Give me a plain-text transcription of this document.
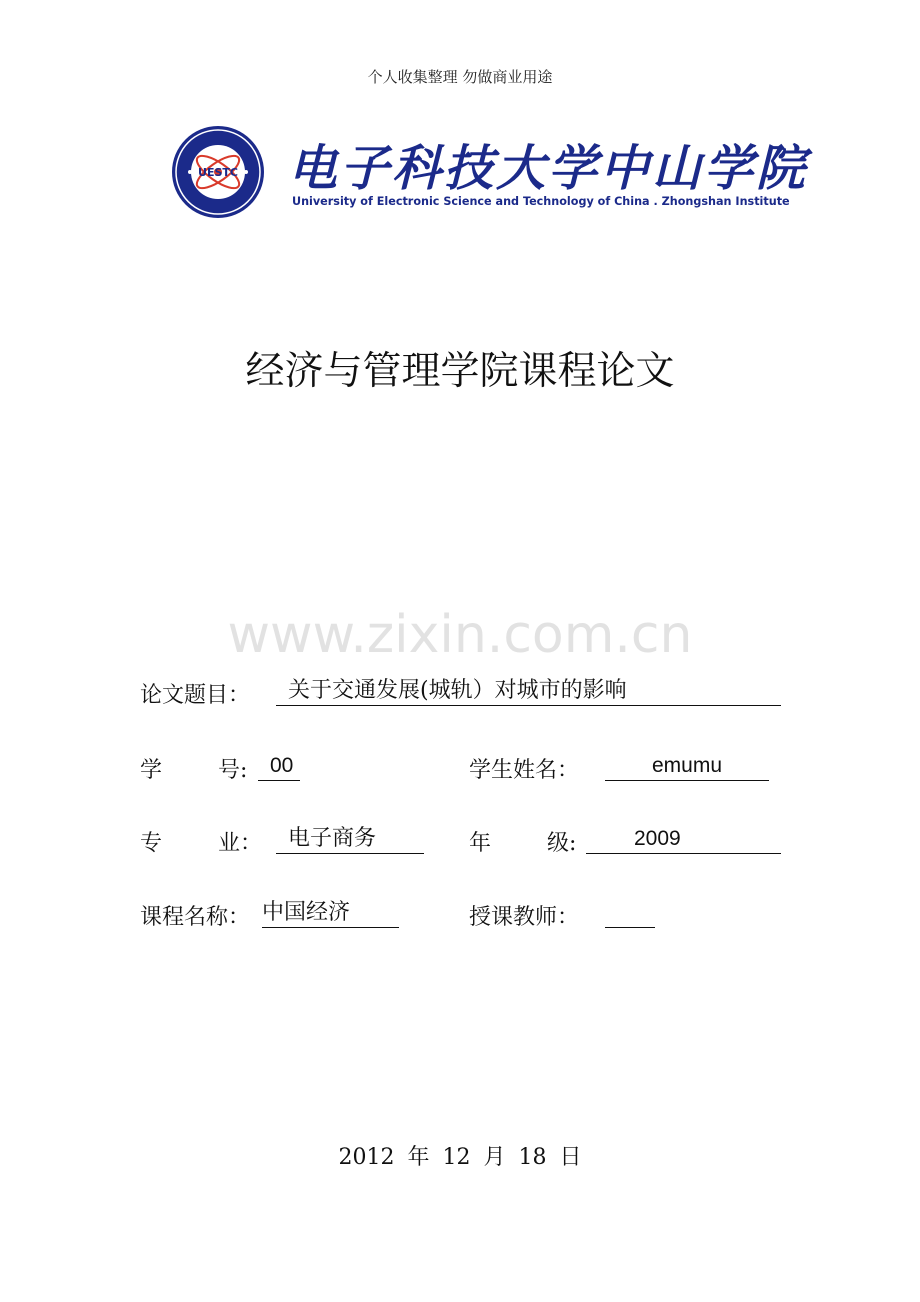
个人收集整理 勿做商业用途
UESTC 电子科技大学中山学院
University of Electronic Science and Technology of China . Zhongshan Institute
经济与管理学院课程论文
www.zixin.com.cn
论文题目：	关于交通发展(城轨）对城市的影响
学        号:	00	学生姓名：	emumu
专        业：	电子商务	年        级:	2009
课程名称： 中国经济	授课教师：
2012 年 12 月 18 日
